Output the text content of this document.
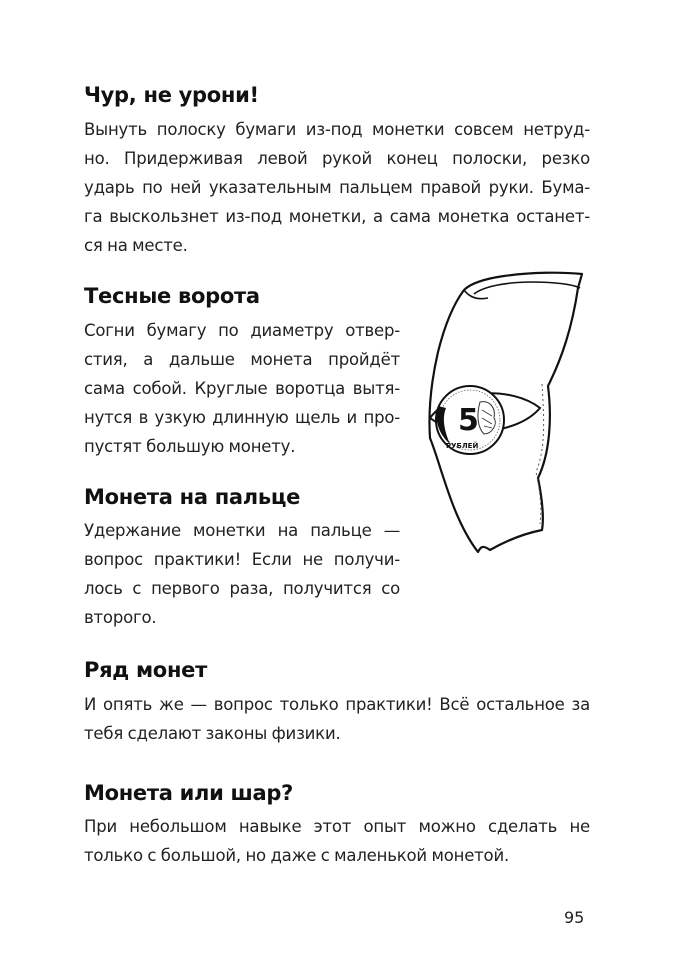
Чур, не урони!
Вынуть полоску бумаги из-под монетки совсем нетруд-
но. Придерживая левой рукой конец полоски, резко
ударь по ней указательным пальцем правой руки. Бума-
га выскользнет из-под монетки, а сама монетка останет-
ся на месте.
Тесные ворота
Согни бумагу по диаметру отвер-
стия, а дальше монета пройдёт
сама собой. Круглые воротца вытя-
нутся в узкую длинную щель и про-
пустят большую монету.
5
РУБЛЕЙ
Монета на пальце
Удержание монетки на пальце —
вопрос практики! Если не получи-
лось с первого раза, получится со
второго.
Ряд монет
И опять же — вопрос только практики! Всё остальное за
тебя сделают законы физики.
Монета или шар?
При небольшом навыке этот опыт можно сделать не
только с большой, но даже с маленькой монетой.
95
